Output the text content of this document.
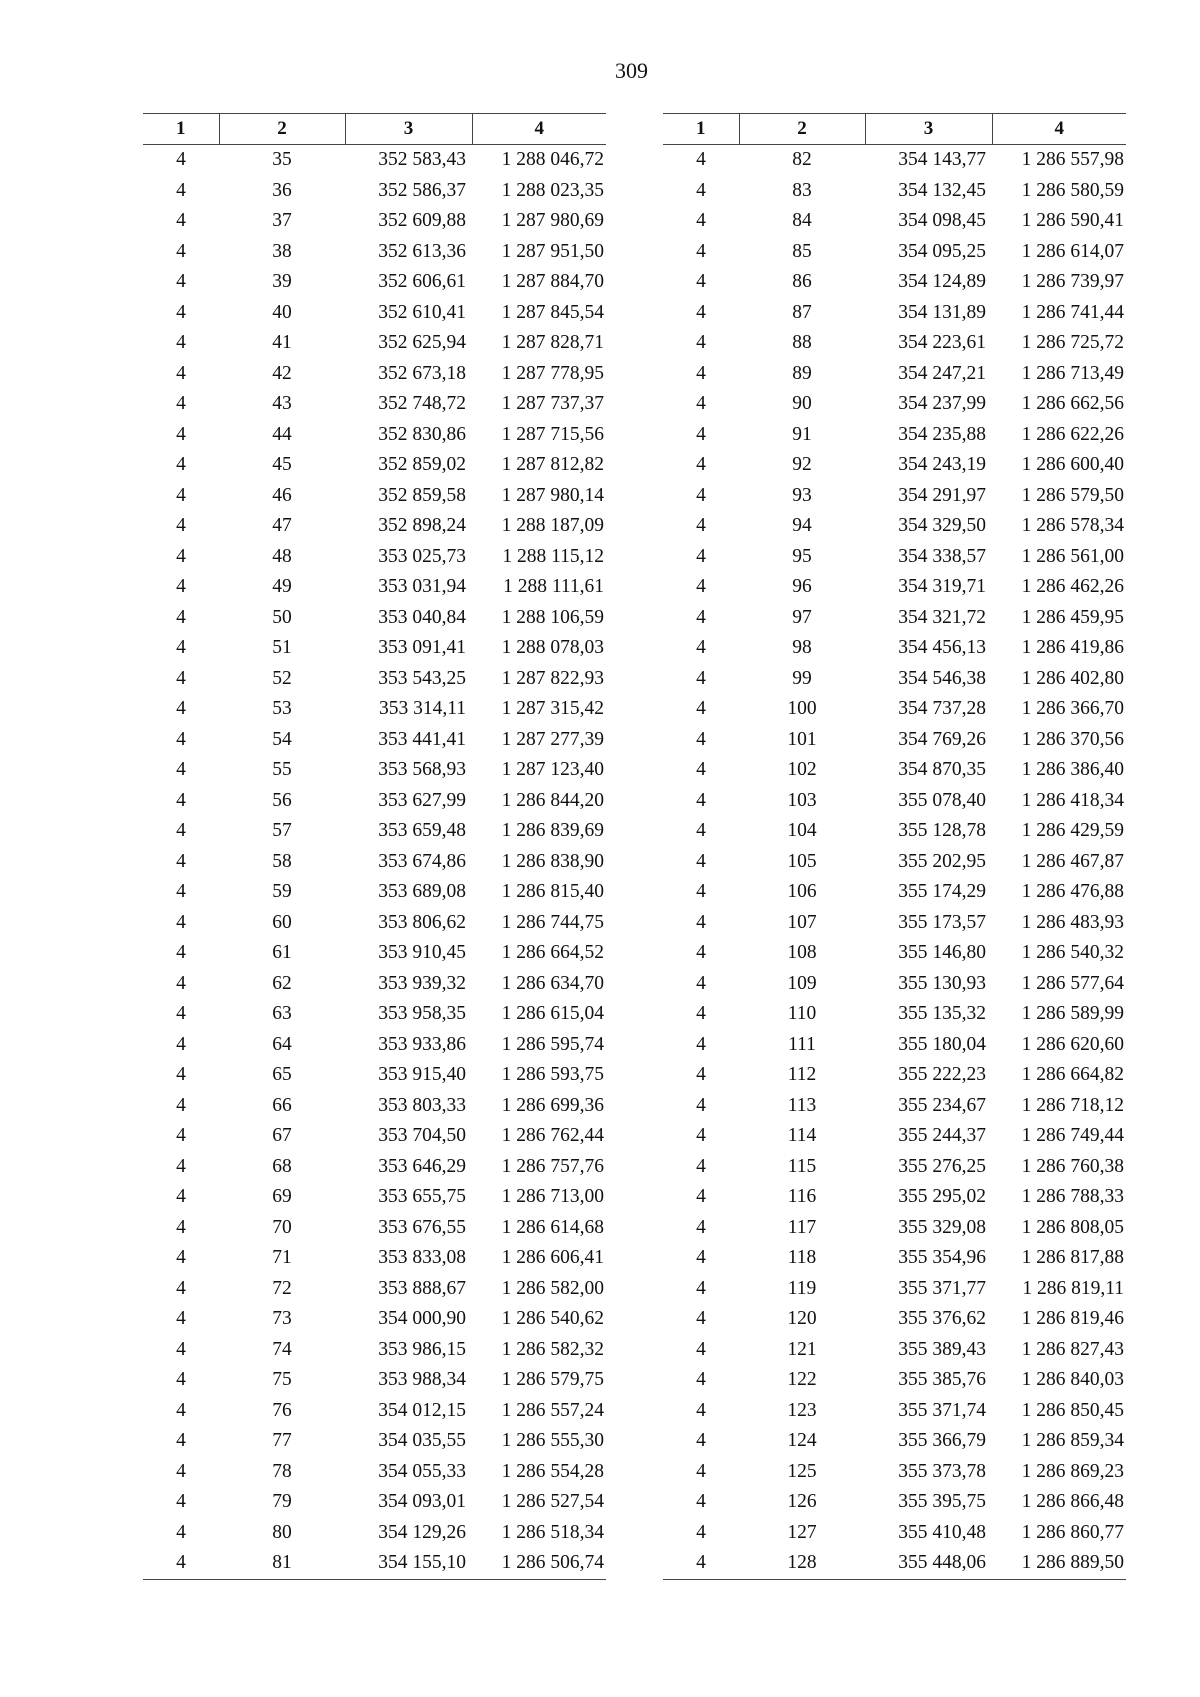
309
1	2	3	4
4	35	352 583,43	1 288 046,72
4	36	352 586,37	1 288 023,35
4	37	352 609,88	1 287 980,69
4	38	352 613,36	1 287 951,50
4	39	352 606,61	1 287 884,70
4	40	352 610,41	1 287 845,54
4	41	352 625,94	1 287 828,71
4	42	352 673,18	1 287 778,95
4	43	352 748,72	1 287 737,37
4	44	352 830,86	1 287 715,56
4	45	352 859,02	1 287 812,82
4	46	352 859,58	1 287 980,14
4	47	352 898,24	1 288 187,09
4	48	353 025,73	1 288 115,12
4	49	353 031,94	1 288 111,61
4	50	353 040,84	1 288 106,59
4	51	353 091,41	1 288 078,03
4	52	353 543,25	1 287 822,93
4	53	353 314,11	1 287 315,42
4	54	353 441,41	1 287 277,39
4	55	353 568,93	1 287 123,40
4	56	353 627,99	1 286 844,20
4	57	353 659,48	1 286 839,69
4	58	353 674,86	1 286 838,90
4	59	353 689,08	1 286 815,40
4	60	353 806,62	1 286 744,75
4	61	353 910,45	1 286 664,52
4	62	353 939,32	1 286 634,70
4	63	353 958,35	1 286 615,04
4	64	353 933,86	1 286 595,74
4	65	353 915,40	1 286 593,75
4	66	353 803,33	1 286 699,36
4	67	353 704,50	1 286 762,44
4	68	353 646,29	1 286 757,76
4	69	353 655,75	1 286 713,00
4	70	353 676,55	1 286 614,68
4	71	353 833,08	1 286 606,41
4	72	353 888,67	1 286 582,00
4	73	354 000,90	1 286 540,62
4	74	353 986,15	1 286 582,32
4	75	353 988,34	1 286 579,75
4	76	354 012,15	1 286 557,24
4	77	354 035,55	1 286 555,30
4	78	354 055,33	1 286 554,28
4	79	354 093,01	1 286 527,54
4	80	354 129,26	1 286 518,34
4	81	354 155,10	1 286 506,74
1	2	3	4
4	82	354 143,77	1 286 557,98
4	83	354 132,45	1 286 580,59
4	84	354 098,45	1 286 590,41
4	85	354 095,25	1 286 614,07
4	86	354 124,89	1 286 739,97
4	87	354 131,89	1 286 741,44
4	88	354 223,61	1 286 725,72
4	89	354 247,21	1 286 713,49
4	90	354 237,99	1 286 662,56
4	91	354 235,88	1 286 622,26
4	92	354 243,19	1 286 600,40
4	93	354 291,97	1 286 579,50
4	94	354 329,50	1 286 578,34
4	95	354 338,57	1 286 561,00
4	96	354 319,71	1 286 462,26
4	97	354 321,72	1 286 459,95
4	98	354 456,13	1 286 419,86
4	99	354 546,38	1 286 402,80
4	100	354 737,28	1 286 366,70
4	101	354 769,26	1 286 370,56
4	102	354 870,35	1 286 386,40
4	103	355 078,40	1 286 418,34
4	104	355 128,78	1 286 429,59
4	105	355 202,95	1 286 467,87
4	106	355 174,29	1 286 476,88
4	107	355 173,57	1 286 483,93
4	108	355 146,80	1 286 540,32
4	109	355 130,93	1 286 577,64
4	110	355 135,32	1 286 589,99
4	111	355 180,04	1 286 620,60
4	112	355 222,23	1 286 664,82
4	113	355 234,67	1 286 718,12
4	114	355 244,37	1 286 749,44
4	115	355 276,25	1 286 760,38
4	116	355 295,02	1 286 788,33
4	117	355 329,08	1 286 808,05
4	118	355 354,96	1 286 817,88
4	119	355 371,77	1 286 819,11
4	120	355 376,62	1 286 819,46
4	121	355 389,43	1 286 827,43
4	122	355 385,76	1 286 840,03
4	123	355 371,74	1 286 850,45
4	124	355 366,79	1 286 859,34
4	125	355 373,78	1 286 869,23
4	126	355 395,75	1 286 866,48
4	127	355 410,48	1 286 860,77
4	128	355 448,06	1 286 889,50
